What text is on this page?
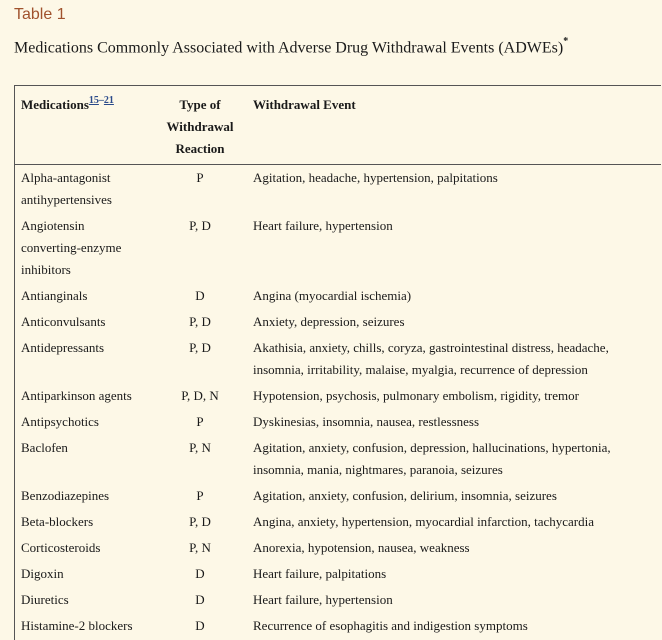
Table 1
Medications Commonly Associated with Adverse Drug Withdrawal Events (ADWEs)*
Medications$^{15-21}$	Type of Withdrawal Reaction	Withdrawal Event
Alpha-antagonist antihypertensives	P	Agitation, headache, hypertension, palpitations
Angiotensin converting-enzyme inhibitors	P, D	Heart failure, hypertension
Antianginals	D	Angina (myocardial ischemia)
Anticonvulsants	P, D	Anxiety, depression, seizures
Antidepressants	P, D	Akathisia, anxiety, chills, coryza, gastrointestinal distress, headache, insomnia, irritability, malaise, myalgia, recurrence of depression
Antiparkinson agents	P, D, N	Hypotension, psychosis, pulmonary embolism, rigidity, tremor
Antipsychotics	P	Dyskinesias, insomnia, nausea, restlessness
Baclofen	P, N	Agitation, anxiety, confusion, depression, hallucinations, hypertonia, insomnia, mania, nightmares, paranoia, seizures
Benzodiazepines	P	Agitation, anxiety, confusion, delirium, insomnia, seizures
Beta-blockers	P, D	Angina, anxiety, hypertension, myocardial infarction, tachycardia
Corticosteroids	P, N	Anorexia, hypotension, nausea, weakness
Digoxin	D	Heart failure, palpitations
Diuretics	D	Heart failure, hypertension
Histamine-2 blockers	D	Recurrence of esophagitis and indigestion symptoms
